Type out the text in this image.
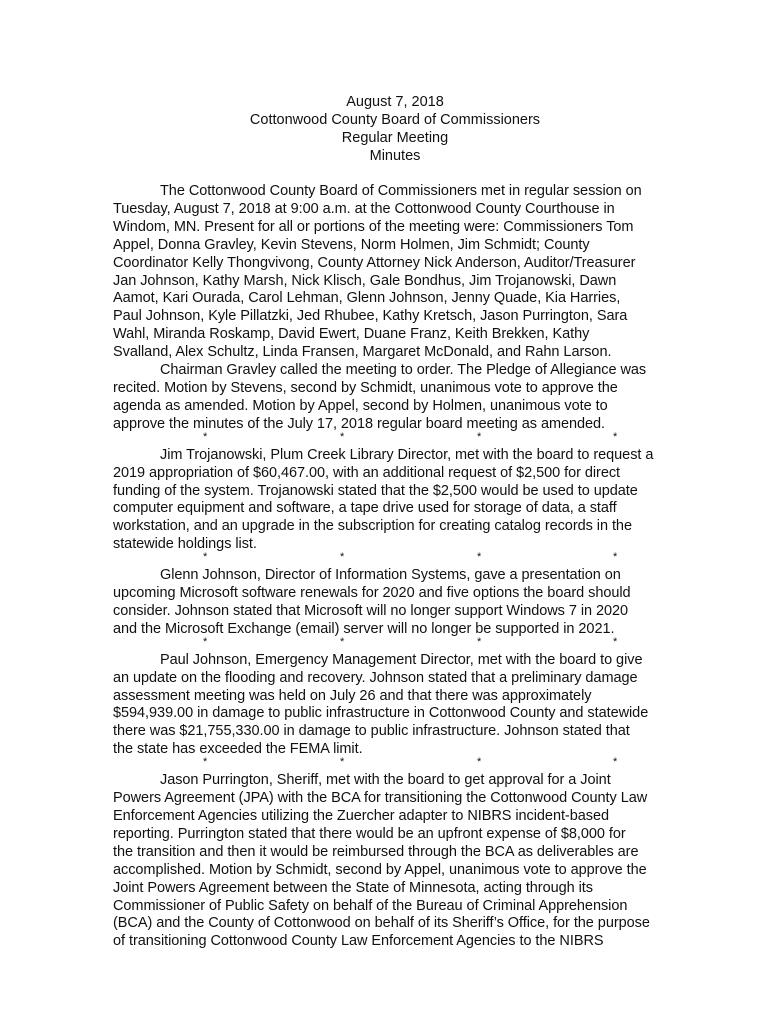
August 7, 2018
Cottonwood County Board of Commissioners
Regular Meeting
Minutes

The Cottonwood County Board of Commissioners met in regular session on
Tuesday, August 7, 2018 at 9:00 a.m. at the Cottonwood County Courthouse in
Windom, MN. Present for all or portions of the meeting were: Commissioners Tom
Appel, Donna Gravley, Kevin Stevens, Norm Holmen, Jim Schmidt; County
Coordinator Kelly Thongvivong, County Attorney Nick Anderson, Auditor/Treasurer
Jan Johnson, Kathy Marsh, Nick Klisch, Gale Bondhus, Jim Trojanowski, Dawn
Aamot, Kari Ourada, Carol Lehman, Glenn Johnson, Jenny Quade, Kia Harries,
Paul Johnson, Kyle Pillatzki, Jed Rhubee, Kathy Kretsch, Jason Purrington, Sara
Wahl, Miranda Roskamp, David Ewert, Duane Franz, Keith Brekken, Kathy
Svalland, Alex Schultz, Linda Fransen, Margaret McDonald, and Rahn Larson.

Chairman Gravley called the meeting to order. The Pledge of Allegiance was
recited. Motion by Stevens, second by Schmidt, unanimous vote to approve the
agenda as amended. Motion by Appel, second by Holmen, unanimous vote to
approve the minutes of the July 17, 2018 regular board meeting as amended.

*	*	*	*

Jim Trojanowski, Plum Creek Library Director, met with the board to request a
2019 appropriation of $60,467.00, with an additional request of $2,500 for direct
funding of the system. Trojanowski stated that the $2,500 would be used to update
computer equipment and software, a tape drive used for storage of data, a staff
workstation, and an upgrade in the subscription for creating catalog records in the
statewide holdings list.

*	*	*	*

Glenn Johnson, Director of Information Systems, gave a presentation on
upcoming Microsoft software renewals for 2020 and five options the board should
consider. Johnson stated that Microsoft will no longer support Windows 7 in 2020
and the Microsoft Exchange (email) server will no longer be supported in 2021.

*	*	*	*

Paul Johnson, Emergency Management Director, met with the board to give
an update on the flooding and recovery. Johnson stated that a preliminary damage
assessment meeting was held on July 26 and that there was approximately
$594,939.00 in damage to public infrastructure in Cottonwood County and statewide
there was $21,755,330.00 in damage to public infrastructure. Johnson stated that
the state has exceeded the FEMA limit.

*	*	*	*

Jason Purrington, Sheriff, met with the board to get approval for a Joint
Powers Agreement (JPA) with the BCA for transitioning the Cottonwood County Law
Enforcement Agencies utilizing the Zuercher adapter to NIBRS incident-based
reporting. Purrington stated that there would be an upfront expense of $8,000 for
the transition and then it would be reimbursed through the BCA as deliverables are
accomplished. Motion by Schmidt, second by Appel, unanimous vote to approve the
Joint Powers Agreement between the State of Minnesota, acting through its
Commissioner of Public Safety on behalf of the Bureau of Criminal Apprehension
(BCA) and the County of Cottonwood on behalf of its Sheriff’s Office, for the purpose
of transitioning Cottonwood County Law Enforcement Agencies to the NIBRS
